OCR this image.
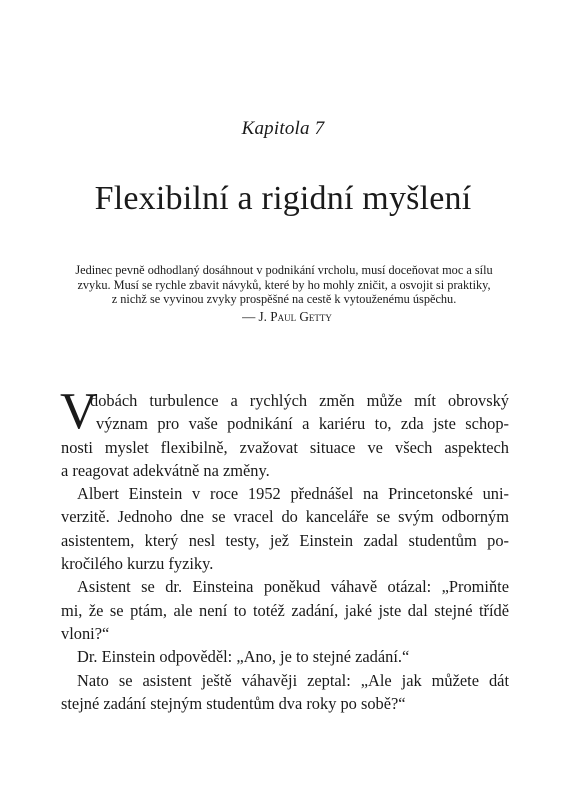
Kapitola 7
Flexibilní a rigidní myšlení
Jedinec pevně odhodlaný dosáhnout v podnikání vrcholu, musí doceňovat moc a sílu
zvyku. Musí se rychle zbavit návyků, které by ho mohly zničit, a osvojit si praktiky,
z nichž se vyvinou zvyky prospěšné na cestě k vytouženému úspěchu.
— J. Paul Getty
V
dobách turbulence a rychlých změn může mít obrovský
význam pro vaše podnikání a kariéru to, zda jste schop-
nosti myslet flexibilně, zvažovat situace ve všech aspektech
a reagovat adekvátně na změny.
Albert Einstein v roce 1952 přednášel na Princetonské uni-
verzitě. Jednoho dne se vracel do kanceláře se svým odborným
asistentem, který nesl testy, jež Einstein zadal studentům po-
kročilého kurzu fyziky.
Asistent se dr. Einsteina poněkud váhavě otázal: „Promiňte
mi, že se ptám, ale není to totéž zadání, jaké jste dal stejné třídě
vloni?“
Dr. Einstein odpověděl: „Ano, je to stejné zadání.“
Nato se asistent ještě váhavěji zeptal: „Ale jak můžete dát
stejné zadání stejným studentům dva roky po sobě?“
